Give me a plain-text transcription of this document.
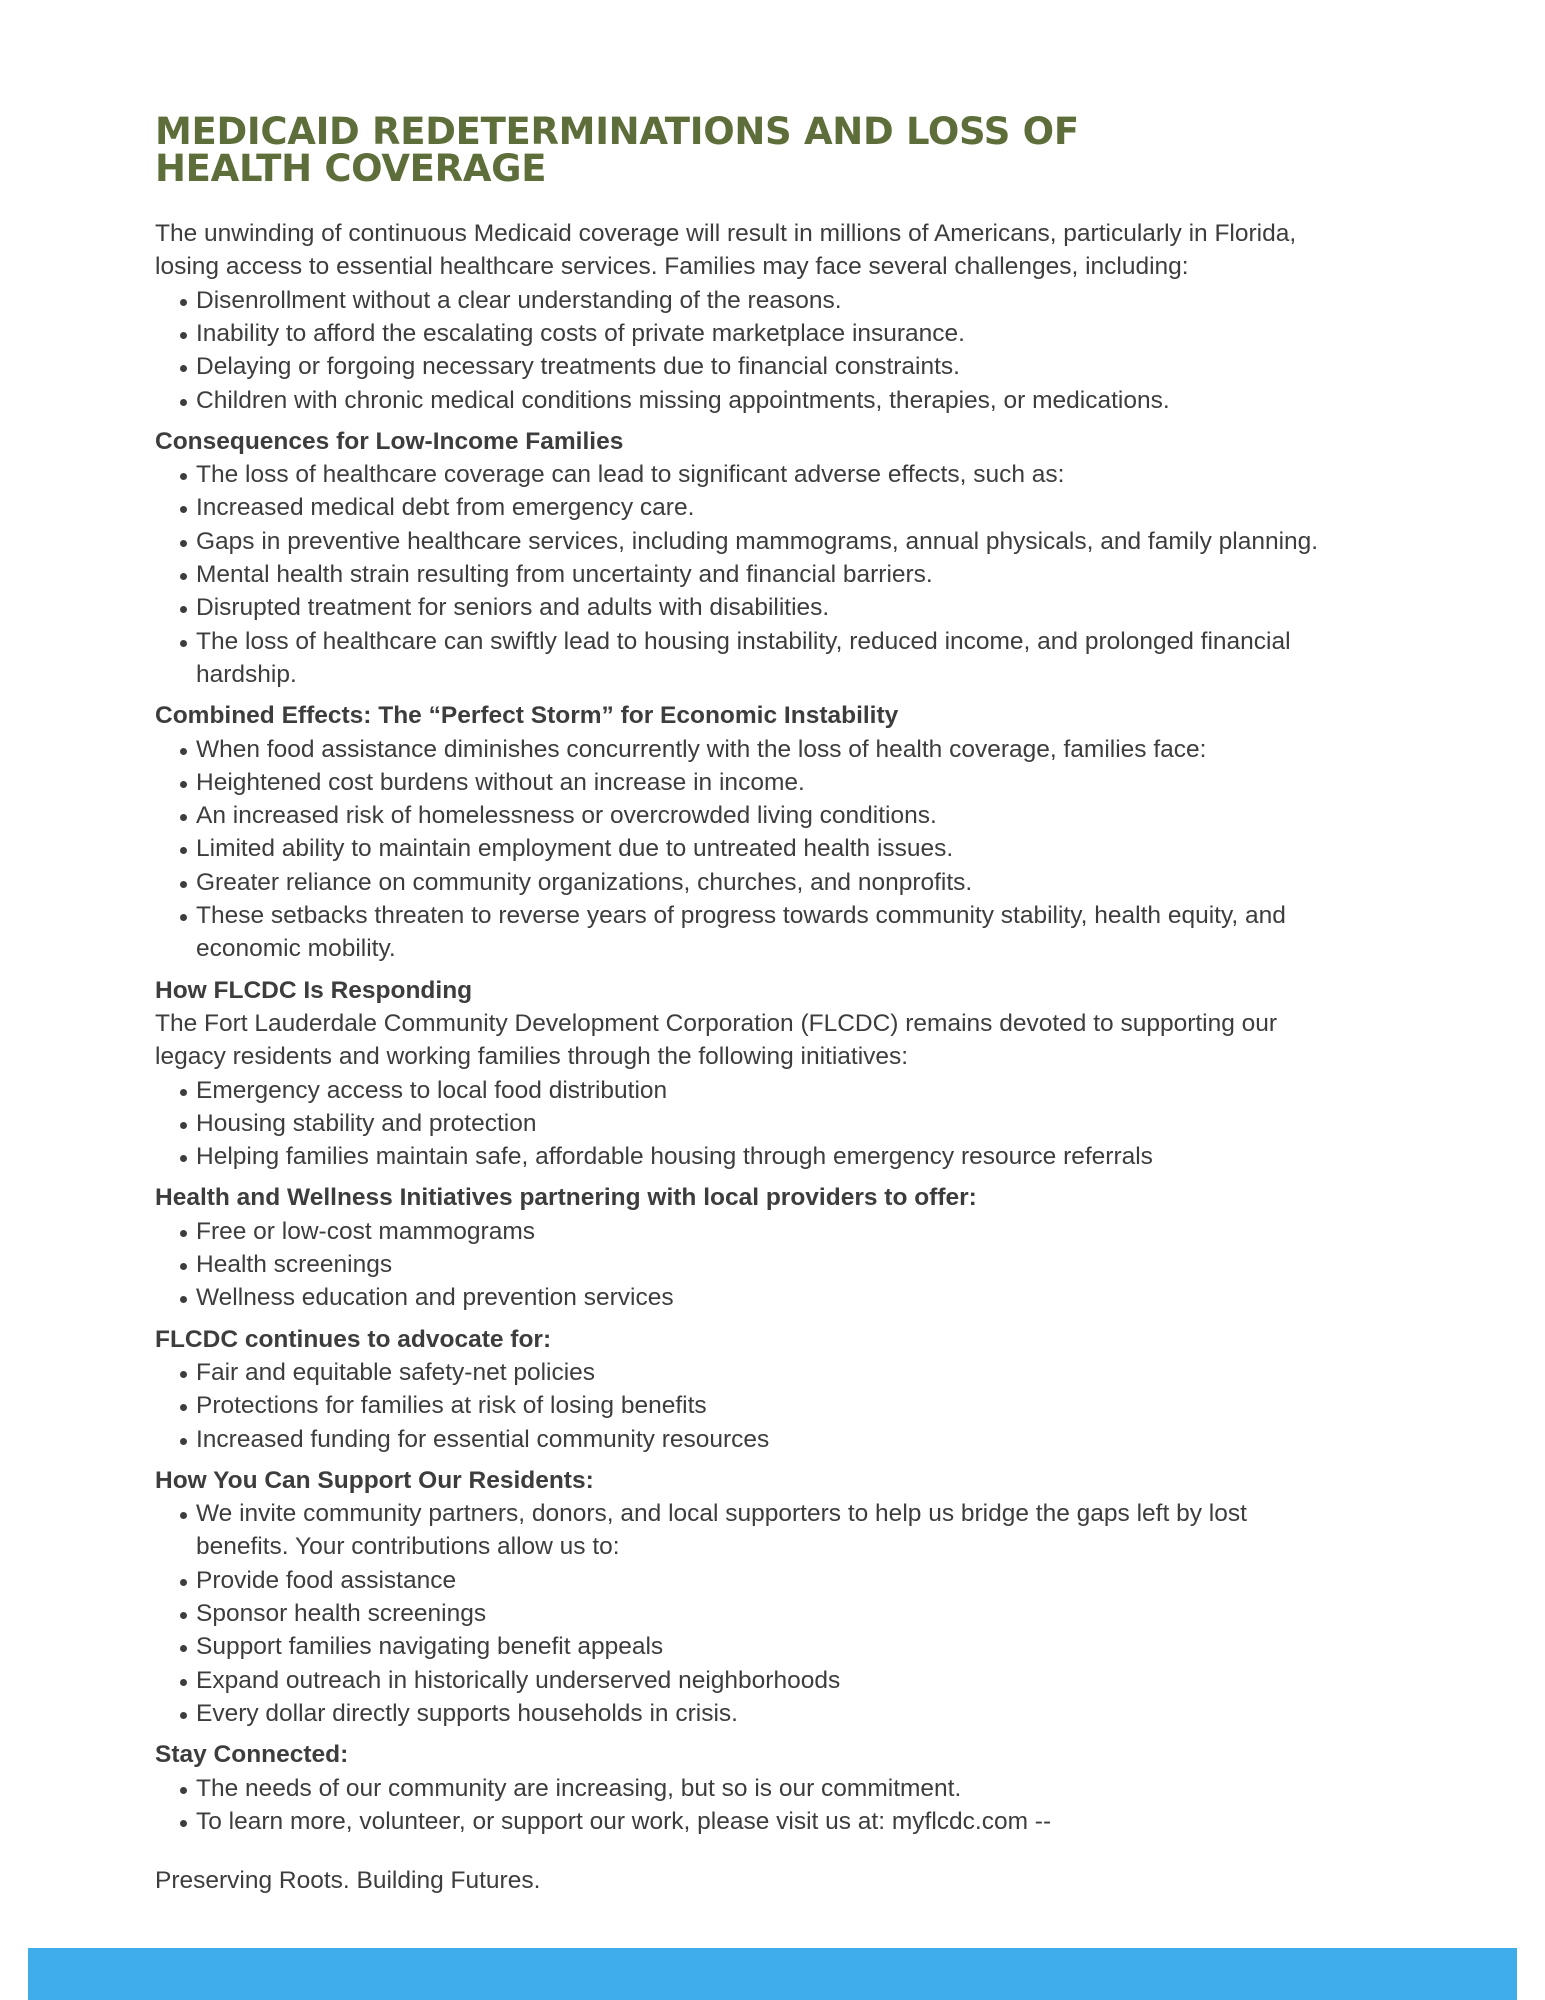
MEDICAID REDETERMINATIONS AND LOSS OF
HEALTH COVERAGE
The unwinding of continuous Medicaid coverage will result in millions of Americans, particularly in Florida,
losing access to essential healthcare services. Families may face several challenges, including:
Disenrollment without a clear understanding of the reasons.
Inability to afford the escalating costs of private marketplace insurance.
Delaying or forgoing necessary treatments due to financial constraints.
Children with chronic medical conditions missing appointments, therapies, or medications.
Consequences for Low-Income Families
The loss of healthcare coverage can lead to significant adverse effects, such as:
Increased medical debt from emergency care.
Gaps in preventive healthcare services, including mammograms, annual physicals, and family planning.
Mental health strain resulting from uncertainty and financial barriers.
Disrupted treatment for seniors and adults with disabilities.
The loss of healthcare can swiftly lead to housing instability, reduced income, and prolonged financial
hardship.
Combined Effects: The “Perfect Storm” for Economic Instability
When food assistance diminishes concurrently with the loss of health coverage, families face:
Heightened cost burdens without an increase in income.
An increased risk of homelessness or overcrowded living conditions.
Limited ability to maintain employment due to untreated health issues.
Greater reliance on community organizations, churches, and nonprofits.
These setbacks threaten to reverse years of progress towards community stability, health equity, and
economic mobility.
How FLCDC Is Responding
The Fort Lauderdale Community Development Corporation (FLCDC) remains devoted to supporting our
legacy residents and working families through the following initiatives:
Emergency access to local food distribution
Housing stability and protection
Helping families maintain safe, affordable housing through emergency resource referrals
Health and Wellness Initiatives partnering with local providers to offer:
Free or low-cost mammograms
Health screenings
Wellness education and prevention services
FLCDC continues to advocate for:
Fair and equitable safety-net policies
Protections for families at risk of losing benefits
Increased funding for essential community resources
How You Can Support Our Residents:
We invite community partners, donors, and local supporters to help us bridge the gaps left by lost
benefits. Your contributions allow us to:
Provide food assistance
Sponsor health screenings
Support families navigating benefit appeals
Expand outreach in historically underserved neighborhoods
Every dollar directly supports households in crisis.
Stay Connected:
The needs of our community are increasing, but so is our commitment.
To learn more, volunteer, or support our work, please visit us at: myflcdc.com --
Preserving Roots. Building Futures.
